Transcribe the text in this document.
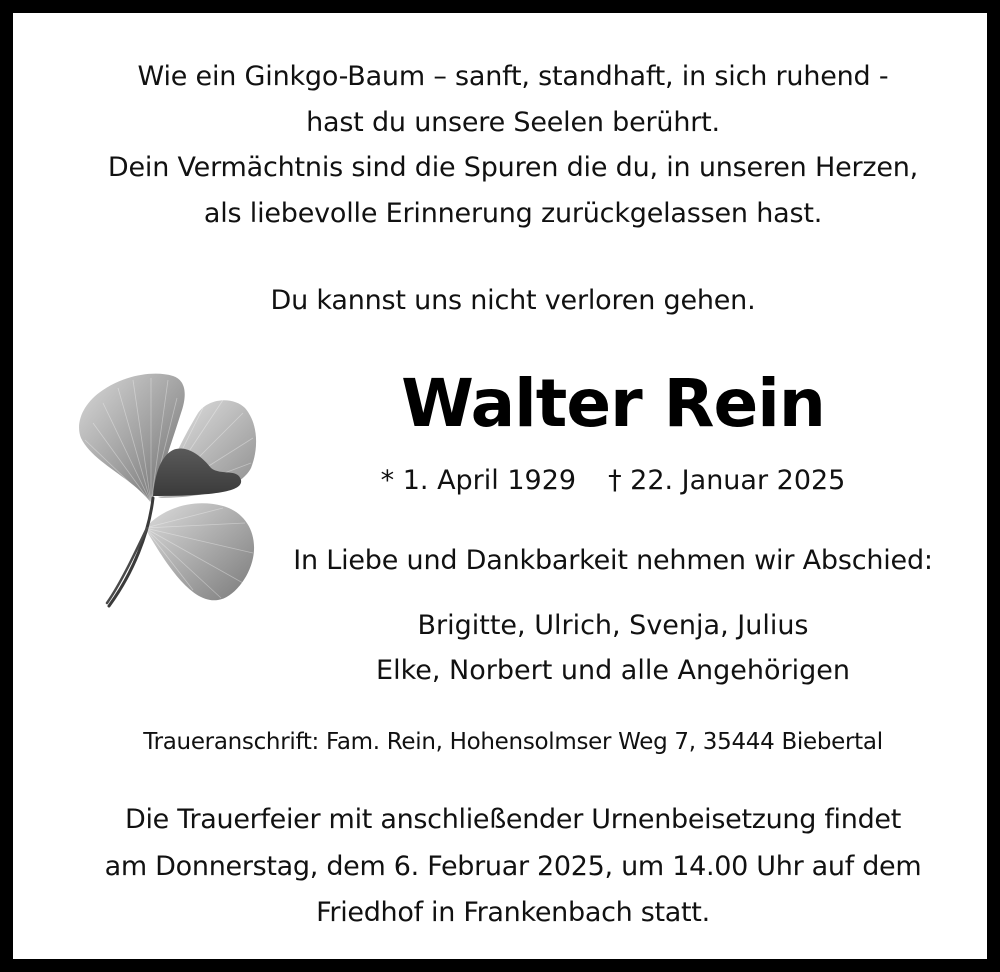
Wie ein Ginkgo-Baum – sanft, standhaft, in sich ruhend -
hast du unsere Seelen berührt.
Dein Vermächtnis sind die Spuren die du, in unseren Herzen,
als liebevolle Erinnerung zurückgelassen hast.
Du kannst uns nicht verloren gehen.
Walter Rein
* 1. April 1929 † 22. Januar 2025
In Liebe und Dankbarkeit nehmen wir Abschied:
Brigitte, Ulrich, Svenja, Julius
Elke, Norbert und alle Angehörigen
Traueranschrift: Fam. Rein, Hohensolmser Weg 7, 35444 Biebertal
Die Trauerfeier mit anschließender Urnenbeisetzung findet
am Donnerstag, dem 6. Februar 2025, um 14.00 Uhr auf dem
Friedhof in Frankenbach statt.
